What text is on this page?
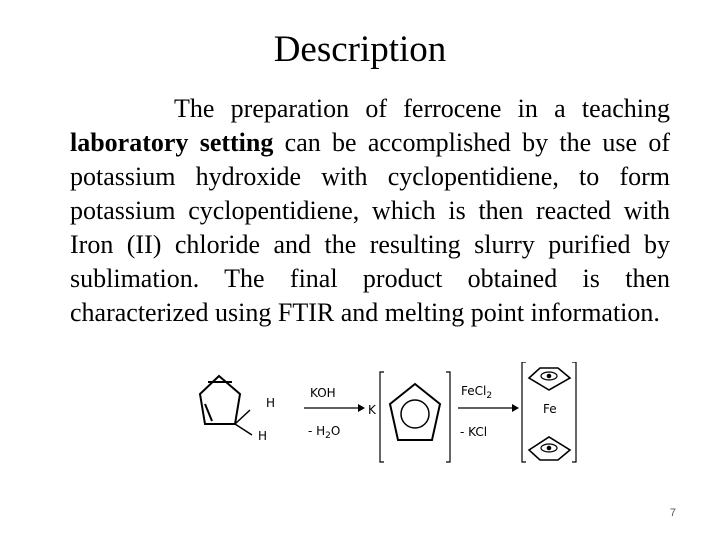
Description
The preparation of ferrocene in a teaching laboratory setting can be accomplished by the use of potassium hydroxide with cyclopentidiene, to form potassium cyclopentidiene, which is then reacted with Iron (II) chloride and the resulting slurry purified by sublimation. The final product obtained is then characterized using FTIR and melting point information.
H
H
KOH
- $H_2O$
K
FeCl$_2$
- KCl
Fe
7
